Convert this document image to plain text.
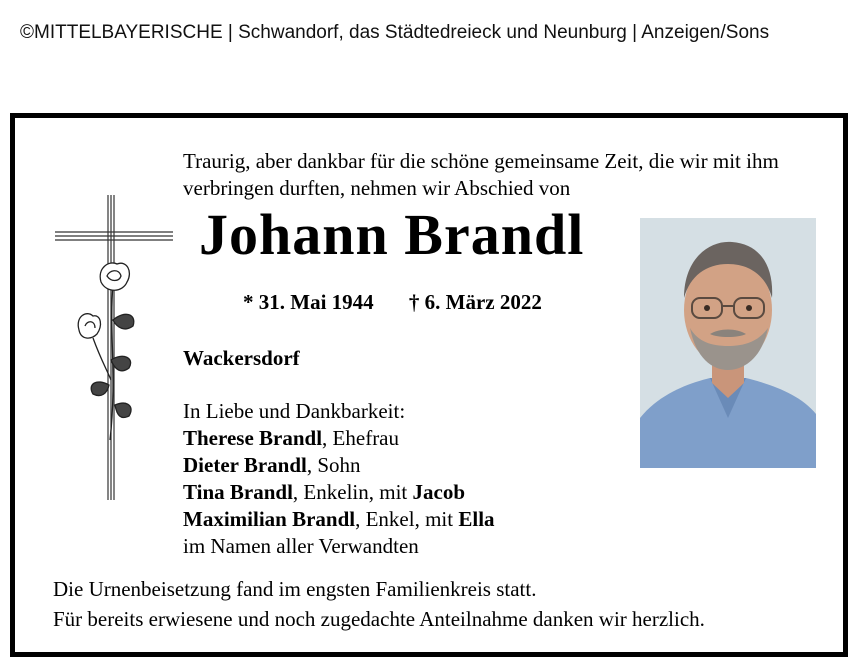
©MITTELBAYERISCHE | Schwandorf, das Städtedreieck und Neunburg | Anzeigen/Sons
Traurig, aber dankbar für die schöne gemeinsame Zeit, die wir mit ihm verbringen durften, nehmen wir Abschied von
Johann Brandl
* 31. Mai 1944 † 6. März 2022
Wackersdorf
In Liebe und Dankbarkeit:
Therese Brandl, Ehefrau
Dieter Brandl, Sohn
Tina Brandl, Enkelin, mit Jacob
Maximilian Brandl, Enkel, mit Ella
im Namen aller Verwandten
Die Urnenbeisetzung fand im engsten Familienkreis statt.
Für bereits erwiesene und noch zugedachte Anteilnahme danken wir herzlich.
